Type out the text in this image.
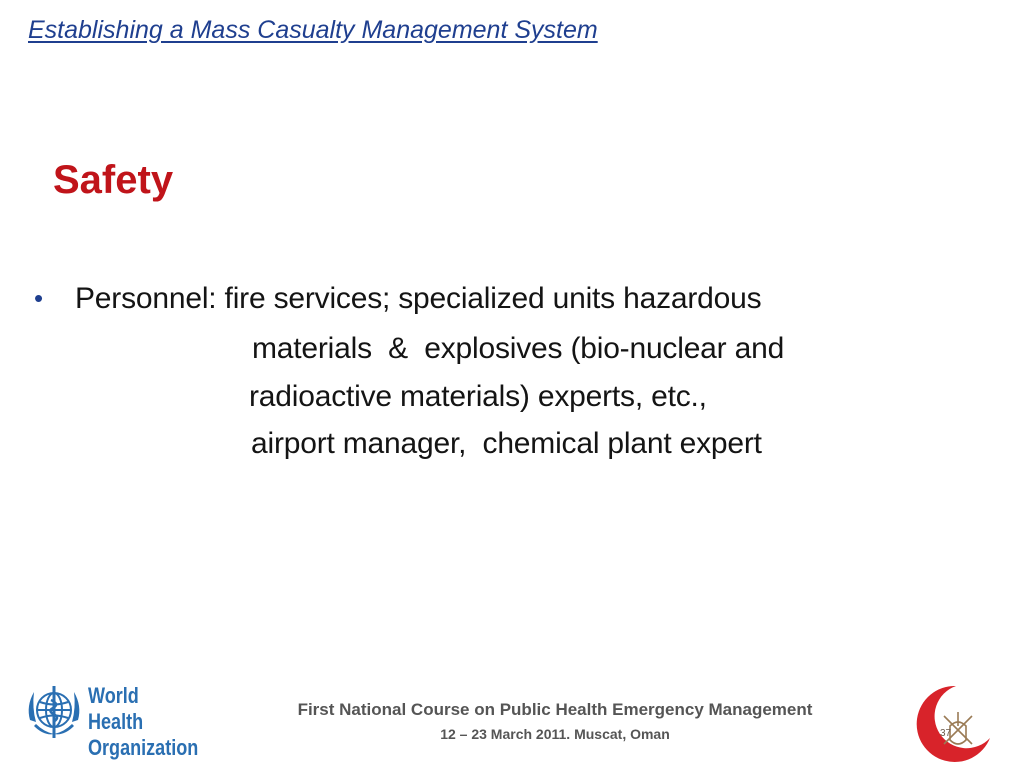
Establishing a Mass Casualty Management System
Safety
• Personnel: fire services; specialized units hazardous
materials  &  explosives (bio-nuclear and
radioactive materials) experts, etc.,
airport manager,  chemical plant expert
World Health
Organization
First National Course on Public Health Emergency Management
12 – 23 March 2011. Muscat, Oman	37
